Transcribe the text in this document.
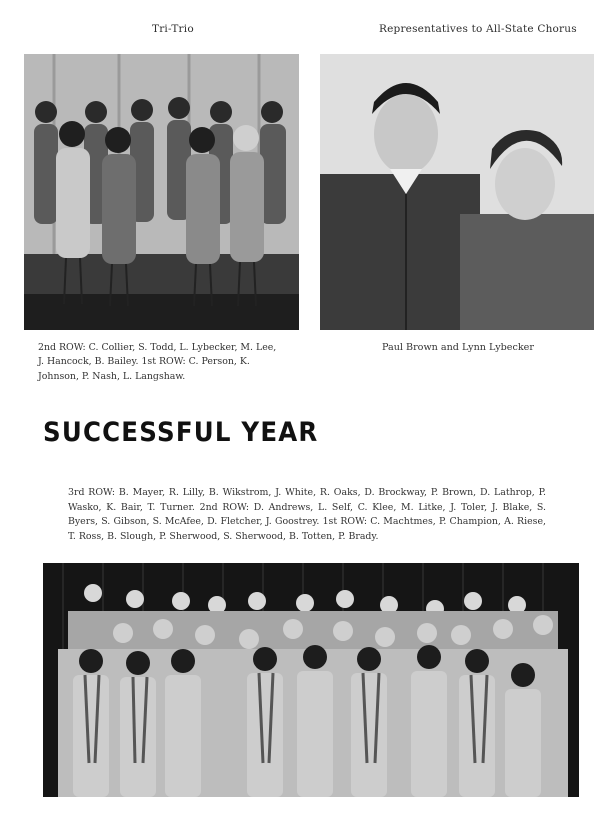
Tri-Trio	Representatives to All-State Chorus
2nd ROW: C. Collier, S. Todd, L. Lybecker, M. Lee, J. Hancock, B. Bailey. 1st ROW: C. Person, K. Johnson, P. Nash, L. Langshaw.
Paul Brown and Lynn Lybecker
SUCCESSFUL YEAR
3rd ROW: B. Mayer, R. Lilly, B. Wikstrom, J. White, R. Oaks, D. Brockway, P. Brown, D. Lathrop, P. Wasko, K. Bair, T. Turner. 2nd ROW: D. Andrews, L. Self, C. Klee, M. Litke, J. Toler, J. Blake, S. Byers, S. Gibson, S. McAfee, D. Fletcher, J. Goostrey. 1st ROW: C. Machtmes, P. Champion, A. Riese, T. Ross, B. Slough, P. Sherwood, S. Sherwood, B. Totten, P. Brady.
